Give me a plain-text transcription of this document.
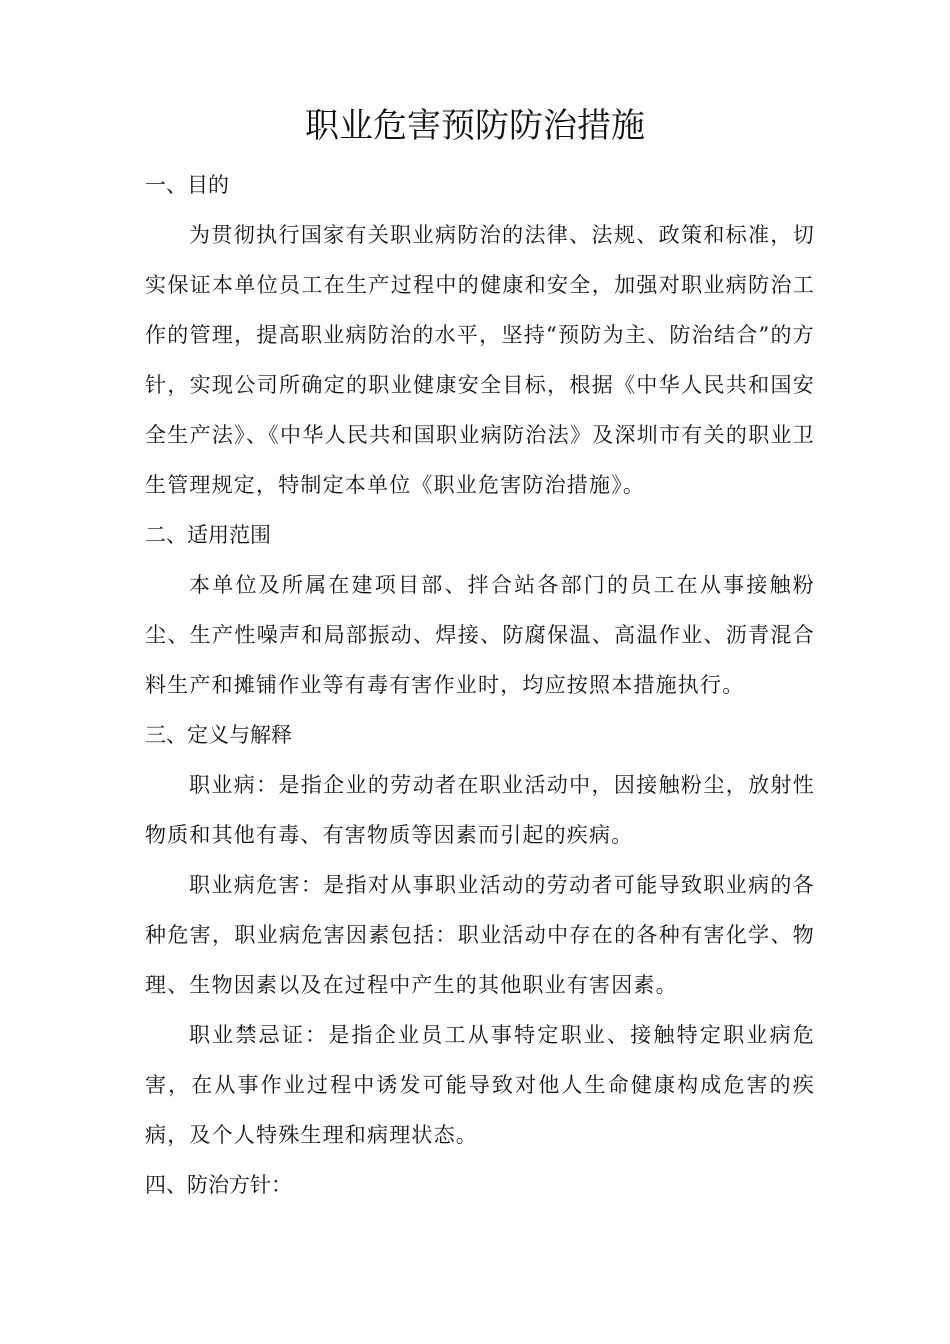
职业危害预防防治措施

一、目的

为贯彻执行国家有关职业病防治的法律、法规、政策和标准，切实保证本单位员工在生产过程中的健康和安全，加强对职业病防治工作的管理，提高职业病防治的水平，坚持“预防为主、防治结合”的方针，实现公司所确定的职业健康安全目标，根据《中华人民共和国安全生产法》、《中华人民共和国职业病防治法》及深圳市有关的职业卫生管理规定，特制定本单位《职业危害防治措施》。

二、适用范围

本单位及所属在建项目部、拌合站各部门的员工在从事接触粉尘、生产性噪声和局部振动、焊接、防腐保温、高温作业、沥青混合料生产和摊铺作业等有毒有害作业时，均应按照本措施执行。

三、定义与解释

职业病：是指企业的劳动者在职业活动中，因接触粉尘，放射性物质和其他有毒、有害物质等因素而引起的疾病。

职业病危害：是指对从事职业活动的劳动者可能导致职业病的各种危害，职业病危害因素包括：职业活动中存在的各种有害化学、物理、生物因素以及在过程中产生的其他职业有害因素。

职业禁忌证：是指企业员工从事特定职业、接触特定职业病危害，在从事作业过程中诱发可能导致对他人生命健康构成危害的疾病，及个人特殊生理和病理状态。

四、防治方针：
